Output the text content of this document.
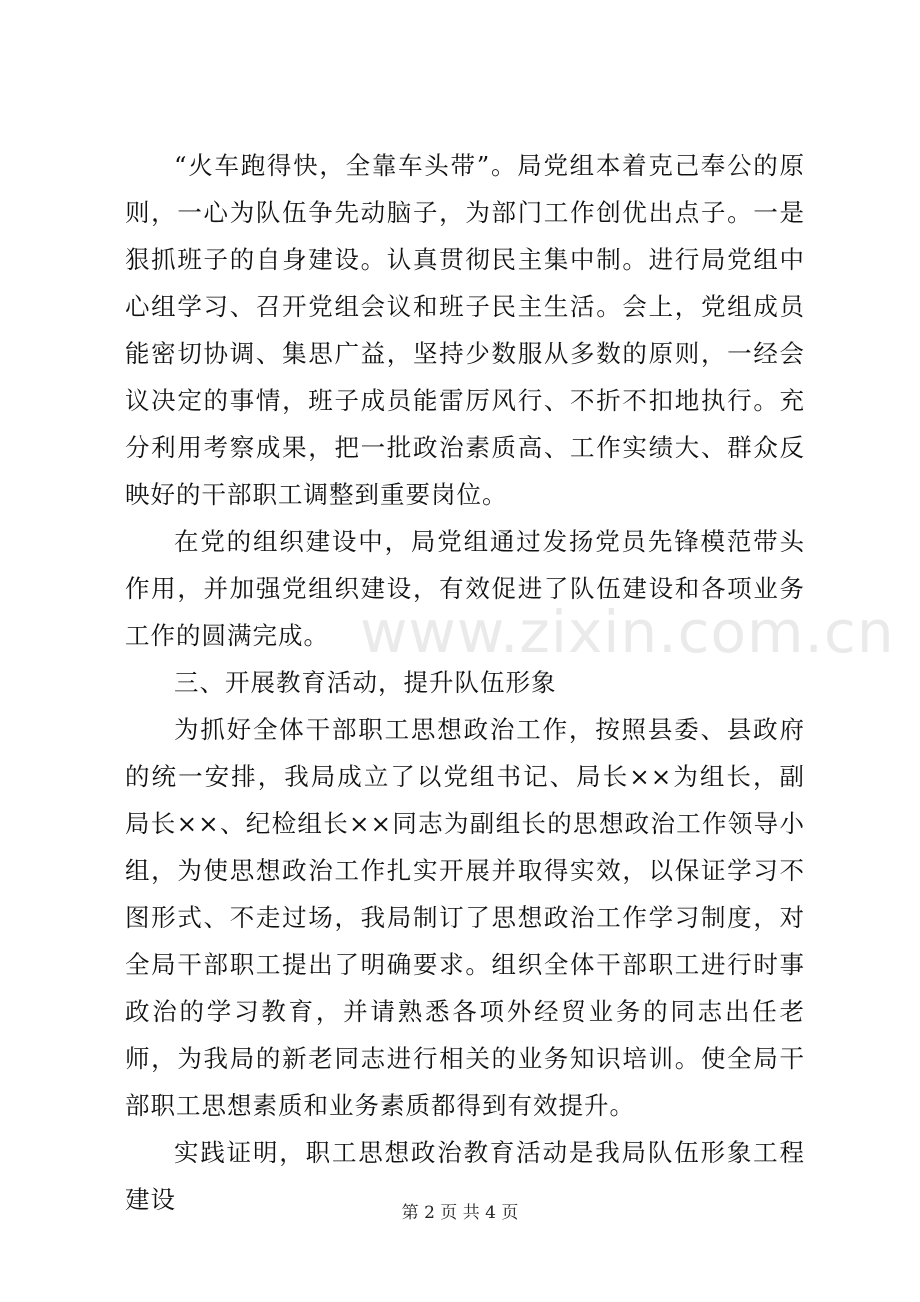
“火车跑得快，全靠车头带”。局党组本着克己奉公的原则，一心为队伍争先动脑子，为部门工作创优出点子。一是狠抓班子的自身建设。认真贯彻民主集中制。进行局党组中心组学习、召开党组会议和班子民主生活。会上，党组成员能密切协调、集思广益，坚持少数服从多数的原则，一经会议决定的事情，班子成员能雷厉风行、不折不扣地执行。充分利用考察成果，把一批政治素质高、工作实绩大、群众反映好的干部职工调整到重要岗位。

在党的组织建设中，局党组通过发扬党员先锋模范带头作用，并加强党组织建设，有效促进了队伍建设和各项业务工作的圆满完成。

三、开展教育活动，提升队伍形象

为抓好全体干部职工思想政治工作，按照县委、县政府的统一安排，我局成立了以党组书记、局长××为组长，副局长××、纪检组长××同志为副组长的思想政治工作领导小组，为使思想政治工作扎实开展并取得实效，以保证学习不图形式、不走过场，我局制订了思想政治工作学习制度，对全局干部职工提出了明确要求。组织全体干部职工进行时事政治的学习教育，并请熟悉各项外经贸业务的同志出任老师，为我局的新老同志进行相关的业务知识培训。使全局干部职工思想素质和业务素质都得到有效提升。

实践证明，职工思想政治教育活动是我局队伍形象工程建设

www.zixin.com.cn
第 2 页 共 4 页
